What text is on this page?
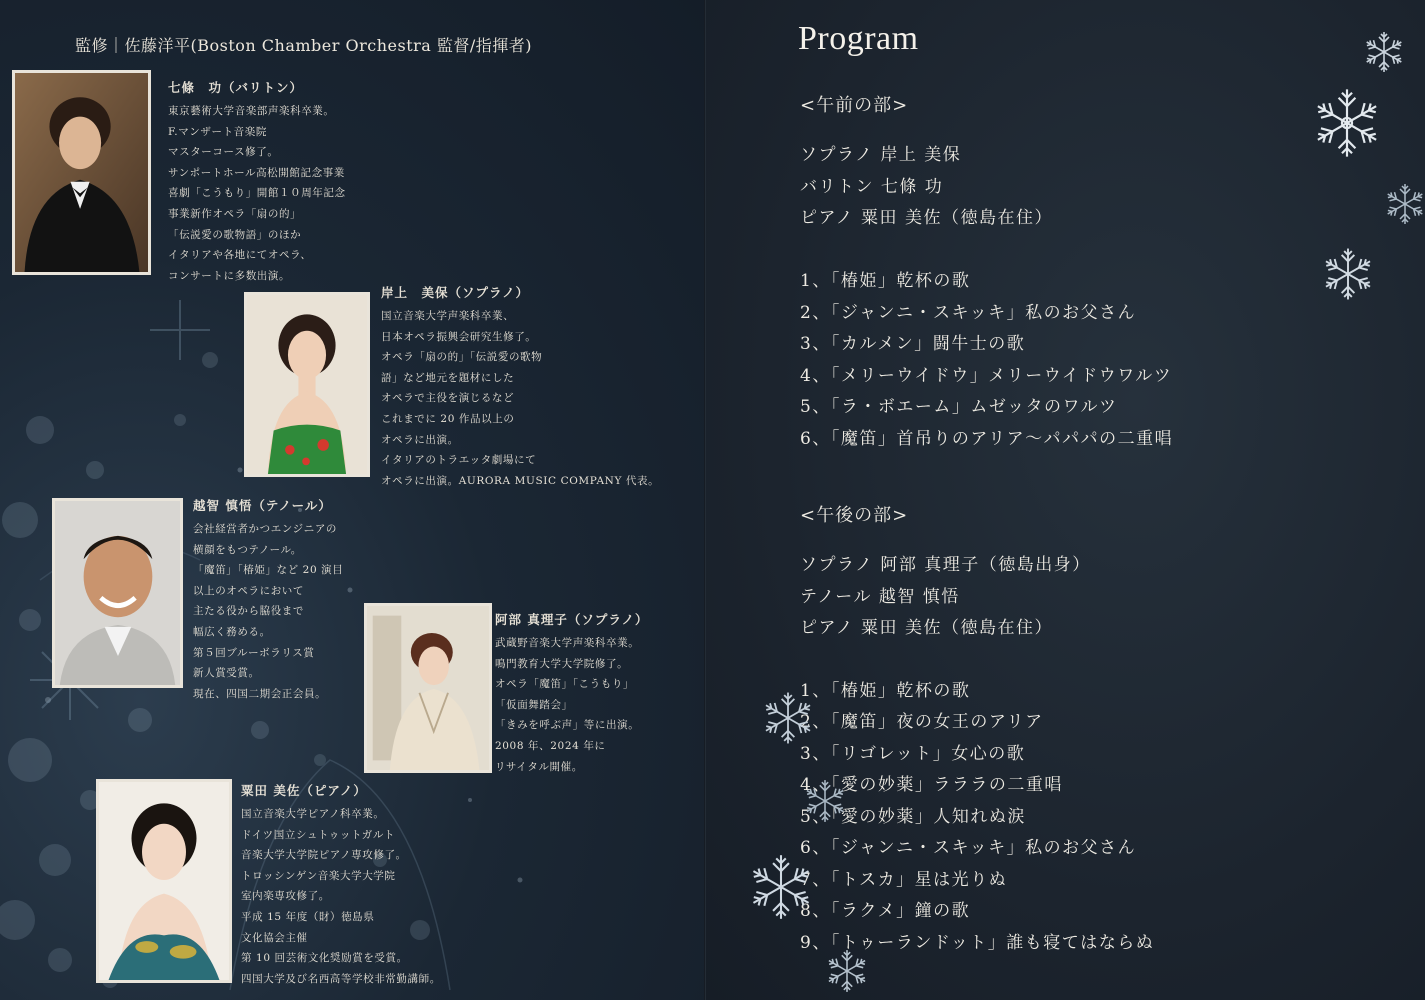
監修｜佐藤洋平(Boston Chamber Orchestra 監督/指揮者)
七條　功（バリトン）
東京藝術大学音楽部声楽科卒業。
F.マンザート音楽院
マスターコース修了。
サンポートホール高松開館記念事業
喜劇「こうもり」開館１０周年記念
事業新作オペラ「扇の的」
「伝説愛の歌物語」のほか
イタリアや各地にてオペラ、
コンサートに多数出演。
岸上　美保（ソプラノ）
国立音楽大学声楽科卒業、
日本オペラ振興会研究生修了。
オペラ「扇の的」「伝説愛の歌物
語」など地元を題材にした
オペラで主役を演じるなど
これまでに 20 作品以上の
オペラに出演。
イタリアのトラエッタ劇場にて
オペラに出演。AURORA MUSIC COMPANY 代表。
越智 慎悟（テノール）
会社経営者かつエンジニアの
横顔をもつテノール。
「魔笛」「椿姫」など 20 演目
以上のオペラにおいて
主たる役から脇役まで
幅広く務める。
第５回ブルーボラリス賞
新人賞受賞。
現在、四国二期会正会員。
阿部 真理子（ソプラノ）
武蔵野音楽大学声楽科卒業。
鳴門教育大学大学院修了。
オペラ「魔笛」「こうもり」
「仮面舞踏会」
「きみを呼ぶ声」等に出演。
2008 年、2024 年に
リサイタル開催。
粟田 美佐（ピアノ）
国立音楽大学ピアノ科卒業。
ドイツ国立シュトゥットガルト
音楽大学大学院ピアノ専攻修了。
トロッシンゲン音楽大学大学院
室内楽専攻修了。
平成 15 年度（財）徳島県
文化協会主催
第 10 回芸術文化奨励賞を受賞。
四国大学及び名西高等学校非常勤講師。
Program
<午前の部>
ソプラノ 岸上 美保
バリトン 七條 功
ピアノ 粟田 美佐（徳島在住）
1、「椿姫」乾杯の歌
2、「ジャンニ・スキッキ」私のお父さん
3、「カルメン」闘牛士の歌
4、「メリーウイドウ」メリーウイドウワルツ
5、「ラ・ボエーム」ムゼッタのワルツ
6、「魔笛」首吊りのアリア～パパパの二重唱
<午後の部>
ソプラノ 阿部 真理子（徳島出身）
テノール 越智 慎悟
ピアノ 粟田 美佐（徳島在住）
1、「椿姫」乾杯の歌
2、「魔笛」夜の女王のアリア
3、「リゴレット」女心の歌
4、「愛の妙薬」ラララの二重唱
5、「愛の妙薬」人知れぬ涙
6、「ジャンニ・スキッキ」私のお父さん
7、「トスカ」星は光りぬ
8、「ラクメ」鐘の歌
9、「トゥーランドット」誰も寝てはならぬ
